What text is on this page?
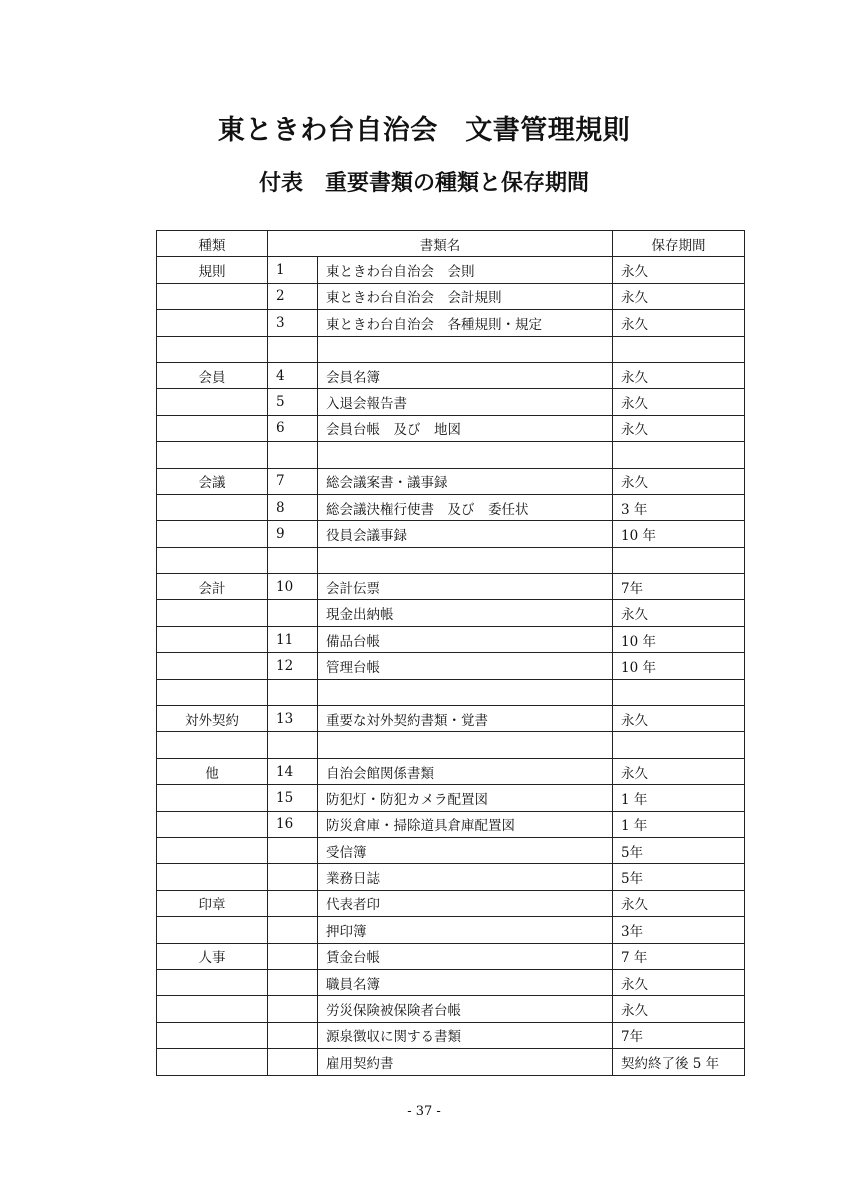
東ときわ台自治会　文書管理規則
付表　重要書類の種類と保存期間
種類	書類名		保存期間
規則	1	東ときわ台自治会　会則	永久
	2	東ときわ台自治会　会計規則	永久
	3	東ときわ台自治会　各種規則・規定	永久

会員	4	会員名簿	永久
	5	入退会報告書	永久
	6	会員台帳　及び　地図	永久

会議	7	総会議案書・議事録	永久
	8	総会議決権行使書　及び　委任状	3 年
	9	役員会議事録	10 年

会計	10	会計伝票	7年
		現金出納帳	永久
	11	備品台帳	10 年
	12	管理台帳	10 年

対外契約	13	重要な対外契約書類・覚書	永久

他	14	自治会館関係書類	永久
	15	防犯灯・防犯カメラ配置図	1 年
	16	防災倉庫・掃除道具倉庫配置図	1 年
		受信簿	5年
		業務日誌	5年
印章		代表者印	永久
		押印簿	3年
人事		賃金台帳	7 年
		職員名簿	永久
		労災保険被保険者台帳	永久
		源泉徴収に関する書類	7年
		雇用契約書	契約終了後 5 年
- 37 -
